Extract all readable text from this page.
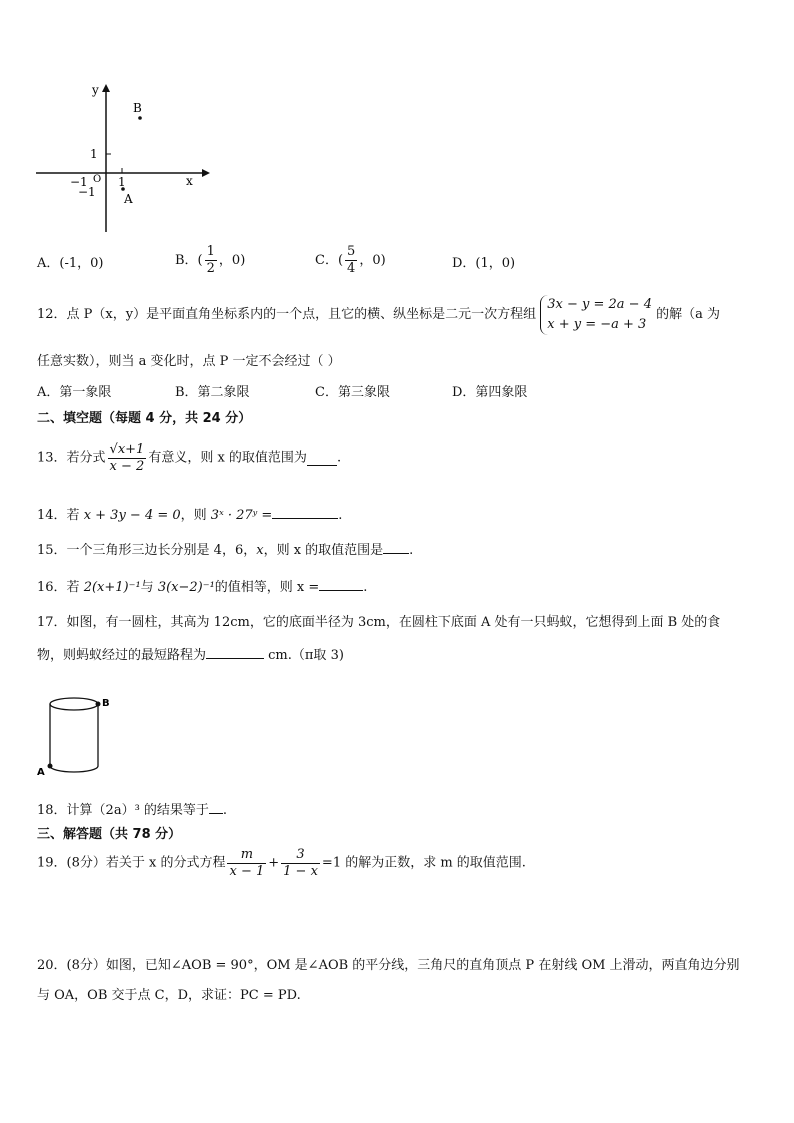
y
x
1
1
−1
−1
O
B
A
A．(-1，0)	B．( $\frac{1}{2}$ ，0)	C．( $\frac{5}{4}$ ，0)	D．(1，0)
12．点 P（x，y）是平面直角坐标系内的一个点，且它的横、纵坐标是二元一次方程组
3x − y = 2a − 4
x + y = −a + 3
的解（a 为
任意实数），则当 a 变化时，点 P 一定不会经过（ ）
A．第一象限	B．第二象限	C．第三象限	D．第四象限
二、填空题（每题 4 分，共 24 分）
13．若分式 $\frac{√x+1}{x - 2}$ 有意义，则 x 的取值范围为 .
14．若 x + 3y − 4 = 0，则 3ˣ · 27ʸ =	.
15．一个三角形三边长分别是 4，6，x，则 x 的取值范围是 .
16．若 2(x+1)⁻¹与 3(x−2)⁻¹的值相等，则 x =	.
17．如图，有一圆柱，其高为 12cm，它的底面半径为 3cm，在圆柱下底面 A 处有一只蚂蚁，它想得到上面 B 处的食
物，则蚂蚁经过的最短路程为	cm.（π取 3)
B
A
18．计算（2a）³ 的结果等于 .
三、解答题（共 78 分）
19．(8分）若关于 x 的分式方程 $\frac{m}{x - 1} + \frac{3}{1 - x} =1$ 的解为正数，求 m 的取值范围.
20．(8分）如图，已知∠AOB = 90°，OM 是∠AOB 的平分线，三角尺的直角顶点 P 在射线 OM 上滑动，两直角边分别
与 OA，OB 交于点 C，D，求证：PC = PD.
